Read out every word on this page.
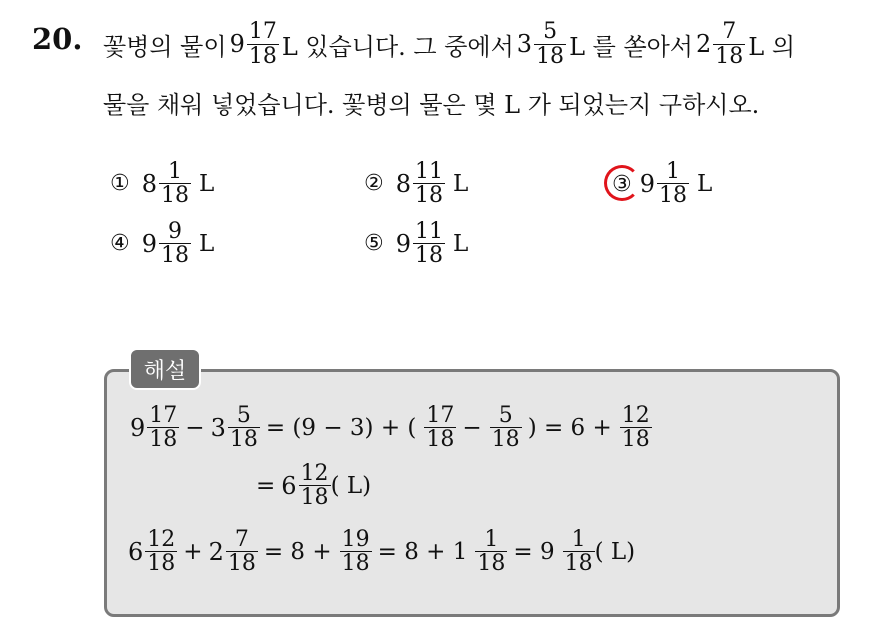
20. 꽃병의 물이 $9 \frac{17}{18}$ L 있습니다. 그 중에서 $3 \frac{5}{18}$ L 를 쏟아서 $2 \frac{7}{18}$ L 의
물을 채워 넣었습니다. 꽃병의 물은 몇 L 가 되었는지 구하시오.
① $8 \frac{1}{18}$ L	② $8 \frac{11}{18}$ L	③ $9 \frac{1}{18}$ L
④ $9 \frac{9}{18}$ L	⑤ $9 \frac{11}{18}$ L
해설
$9 \frac{17}{18} - 3 \frac{5}{18} = (9 - 3)$ + ( $\frac{17}{18} - \frac{5}{18}$ ) = $6 + \frac{12}{18}$
= $6 \frac{12}{18}$ ( L)
$6 \frac{12}{18} + 2 \frac{7}{18} = 8 + \frac{19}{18} = 8 + 1 \frac{1}{18} = 9 \frac{1}{18}$ ( L)
